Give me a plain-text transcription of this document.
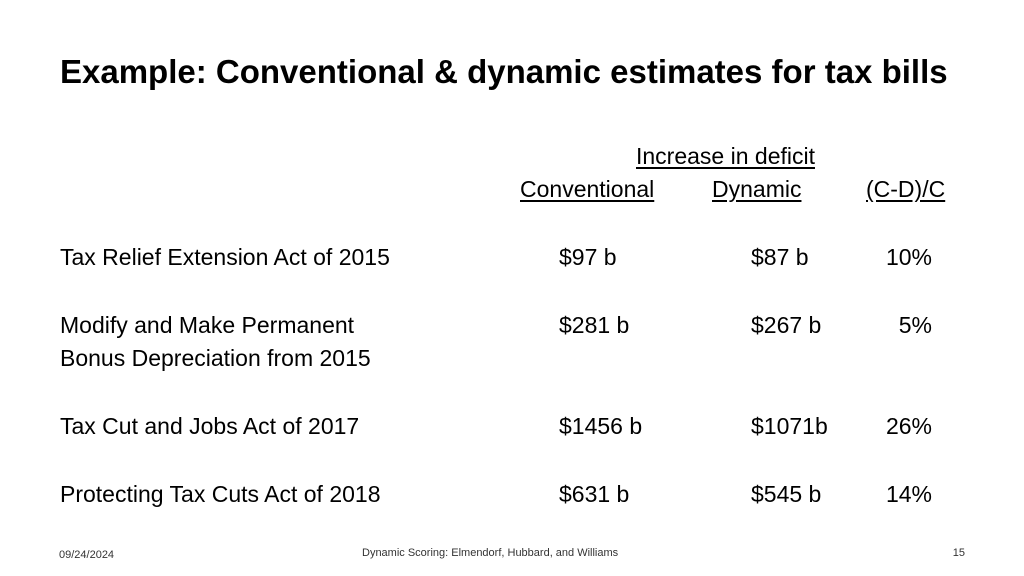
Example: Conventional & dynamic estimates for tax bills
Increase in deficit
Conventional	Dynamic	(C-D)/C
Tax Relief Extension Act of 2015	$97 b	$87 b	10%
Modify and Make Permanent
Bonus Depreciation from 2015
$281 b	$267 b	5%
Tax Cut and Jobs Act of 2017	$1456 b	$1071b	26%
Protecting Tax Cuts Act of 2018	$631 b	$545 b	14%
09/24/2024	Dynamic Scoring: Elmendorf, Hubbard, and Williams	15
